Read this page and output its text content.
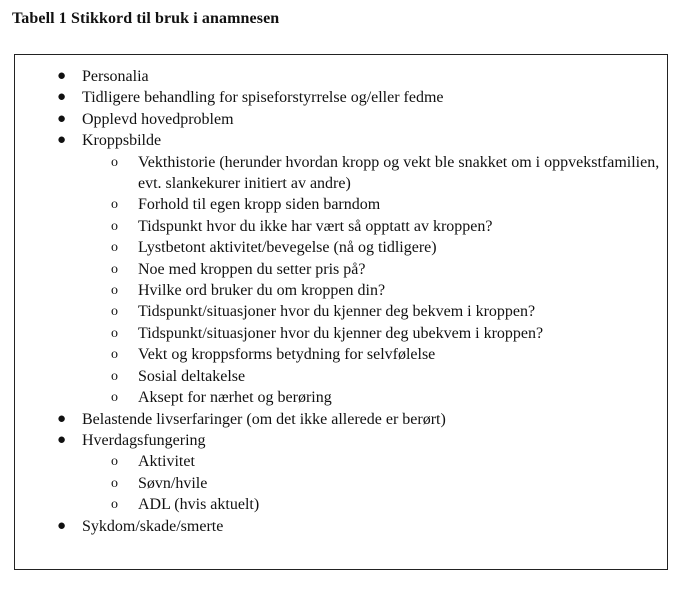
Tabell 1 Stikkord til bruk i anamnesen
● Personalia
● Tidligere behandling for spiseforstyrrelse og/eller fedme
● Opplevd hovedproblem
● Kroppsbilde
o Vekthistorie (herunder hvordan kropp og vekt ble snakket om i oppvekstfamilien, evt. slankekurer initiert av andre)
o Forhold til egen kropp siden barndom
o Tidspunkt hvor du ikke har vært så opptatt av kroppen?
o Lystbetont aktivitet/bevegelse (nå og tidligere)
o Noe med kroppen du setter pris på?
o Hvilke ord bruker du om kroppen din?
o Tidspunkt/situasjoner hvor du kjenner deg bekvem i kroppen?
o Tidspunkt/situasjoner hvor du kjenner deg ubekvem i kroppen?
o Vekt og kroppsforms betydning for selvfølelse
o Sosial deltakelse
o Aksept for nærhet og berøring
● Belastende livserfaringer (om det ikke allerede er berørt)
● Hverdagsfungering
o Aktivitet
o Søvn/hvile
o ADL (hvis aktuelt)
● Sykdom/skade/smerte
